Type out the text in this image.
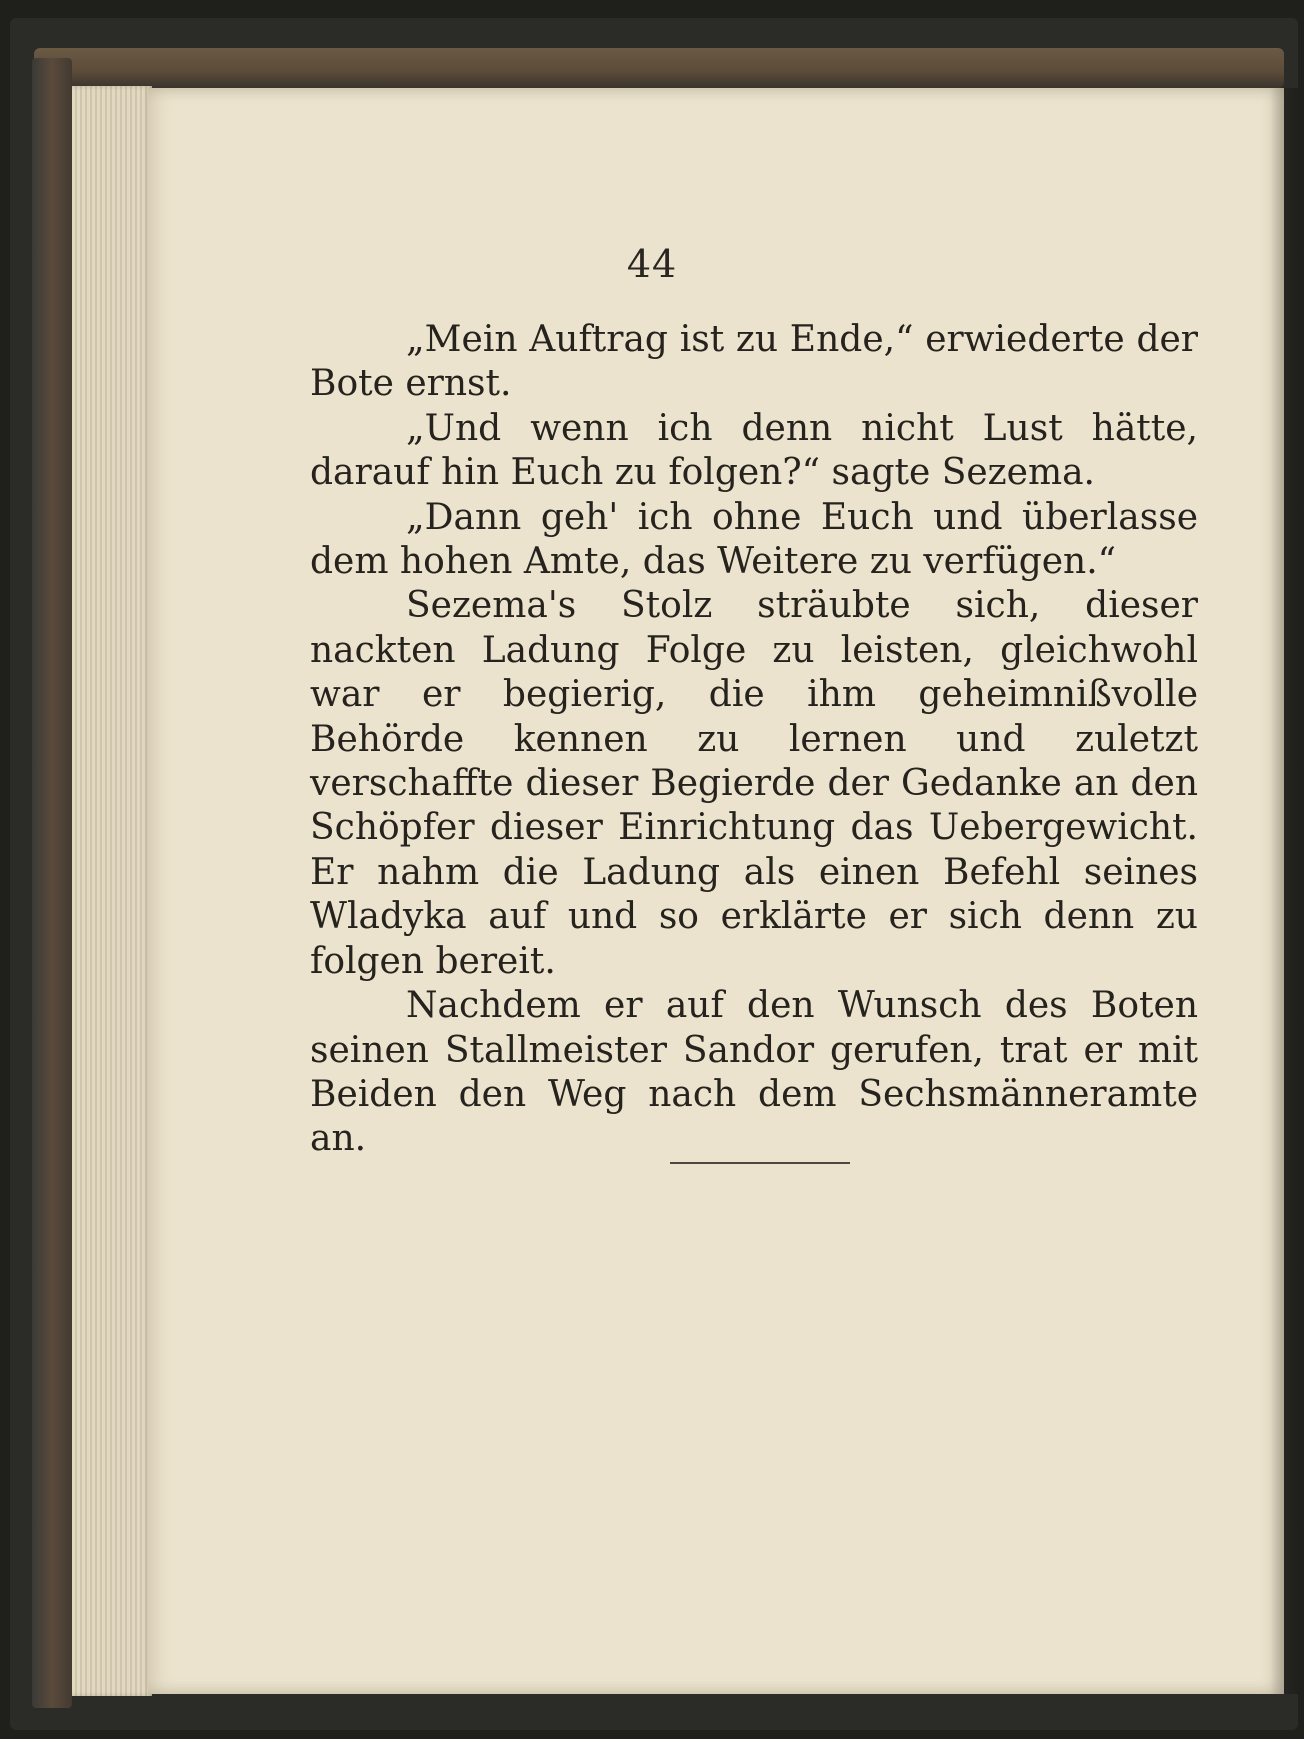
44

„Mein Auftrag ist zu Ende,“ erwiederte der Bote ernst.

„Und wenn ich denn nicht Lust hätte, darauf hin Euch zu folgen?“ sagte Sezema.

„Dann geh' ich ohne Euch und überlasse dem hohen Amte, das Weitere zu verfügen.“

Sezema's Stolz sträubte sich, dieser nackten Ladung Folge zu leisten, gleichwohl war er begierig, die ihm geheimnißvolle Behörde kennen zu lernen und zuletzt verschaffte dieser Begierde der Gedanke an den Schöpfer dieser Einrichtung das Uebergewicht. Er nahm die Ladung als einen Befehl seines Wladyka auf und so erklärte er sich denn zu folgen bereit.

Nachdem er auf den Wunsch des Boten seinen Stallmeister Sandor gerufen, trat er mit Beiden den Weg nach dem Sechsmänneramte an.
